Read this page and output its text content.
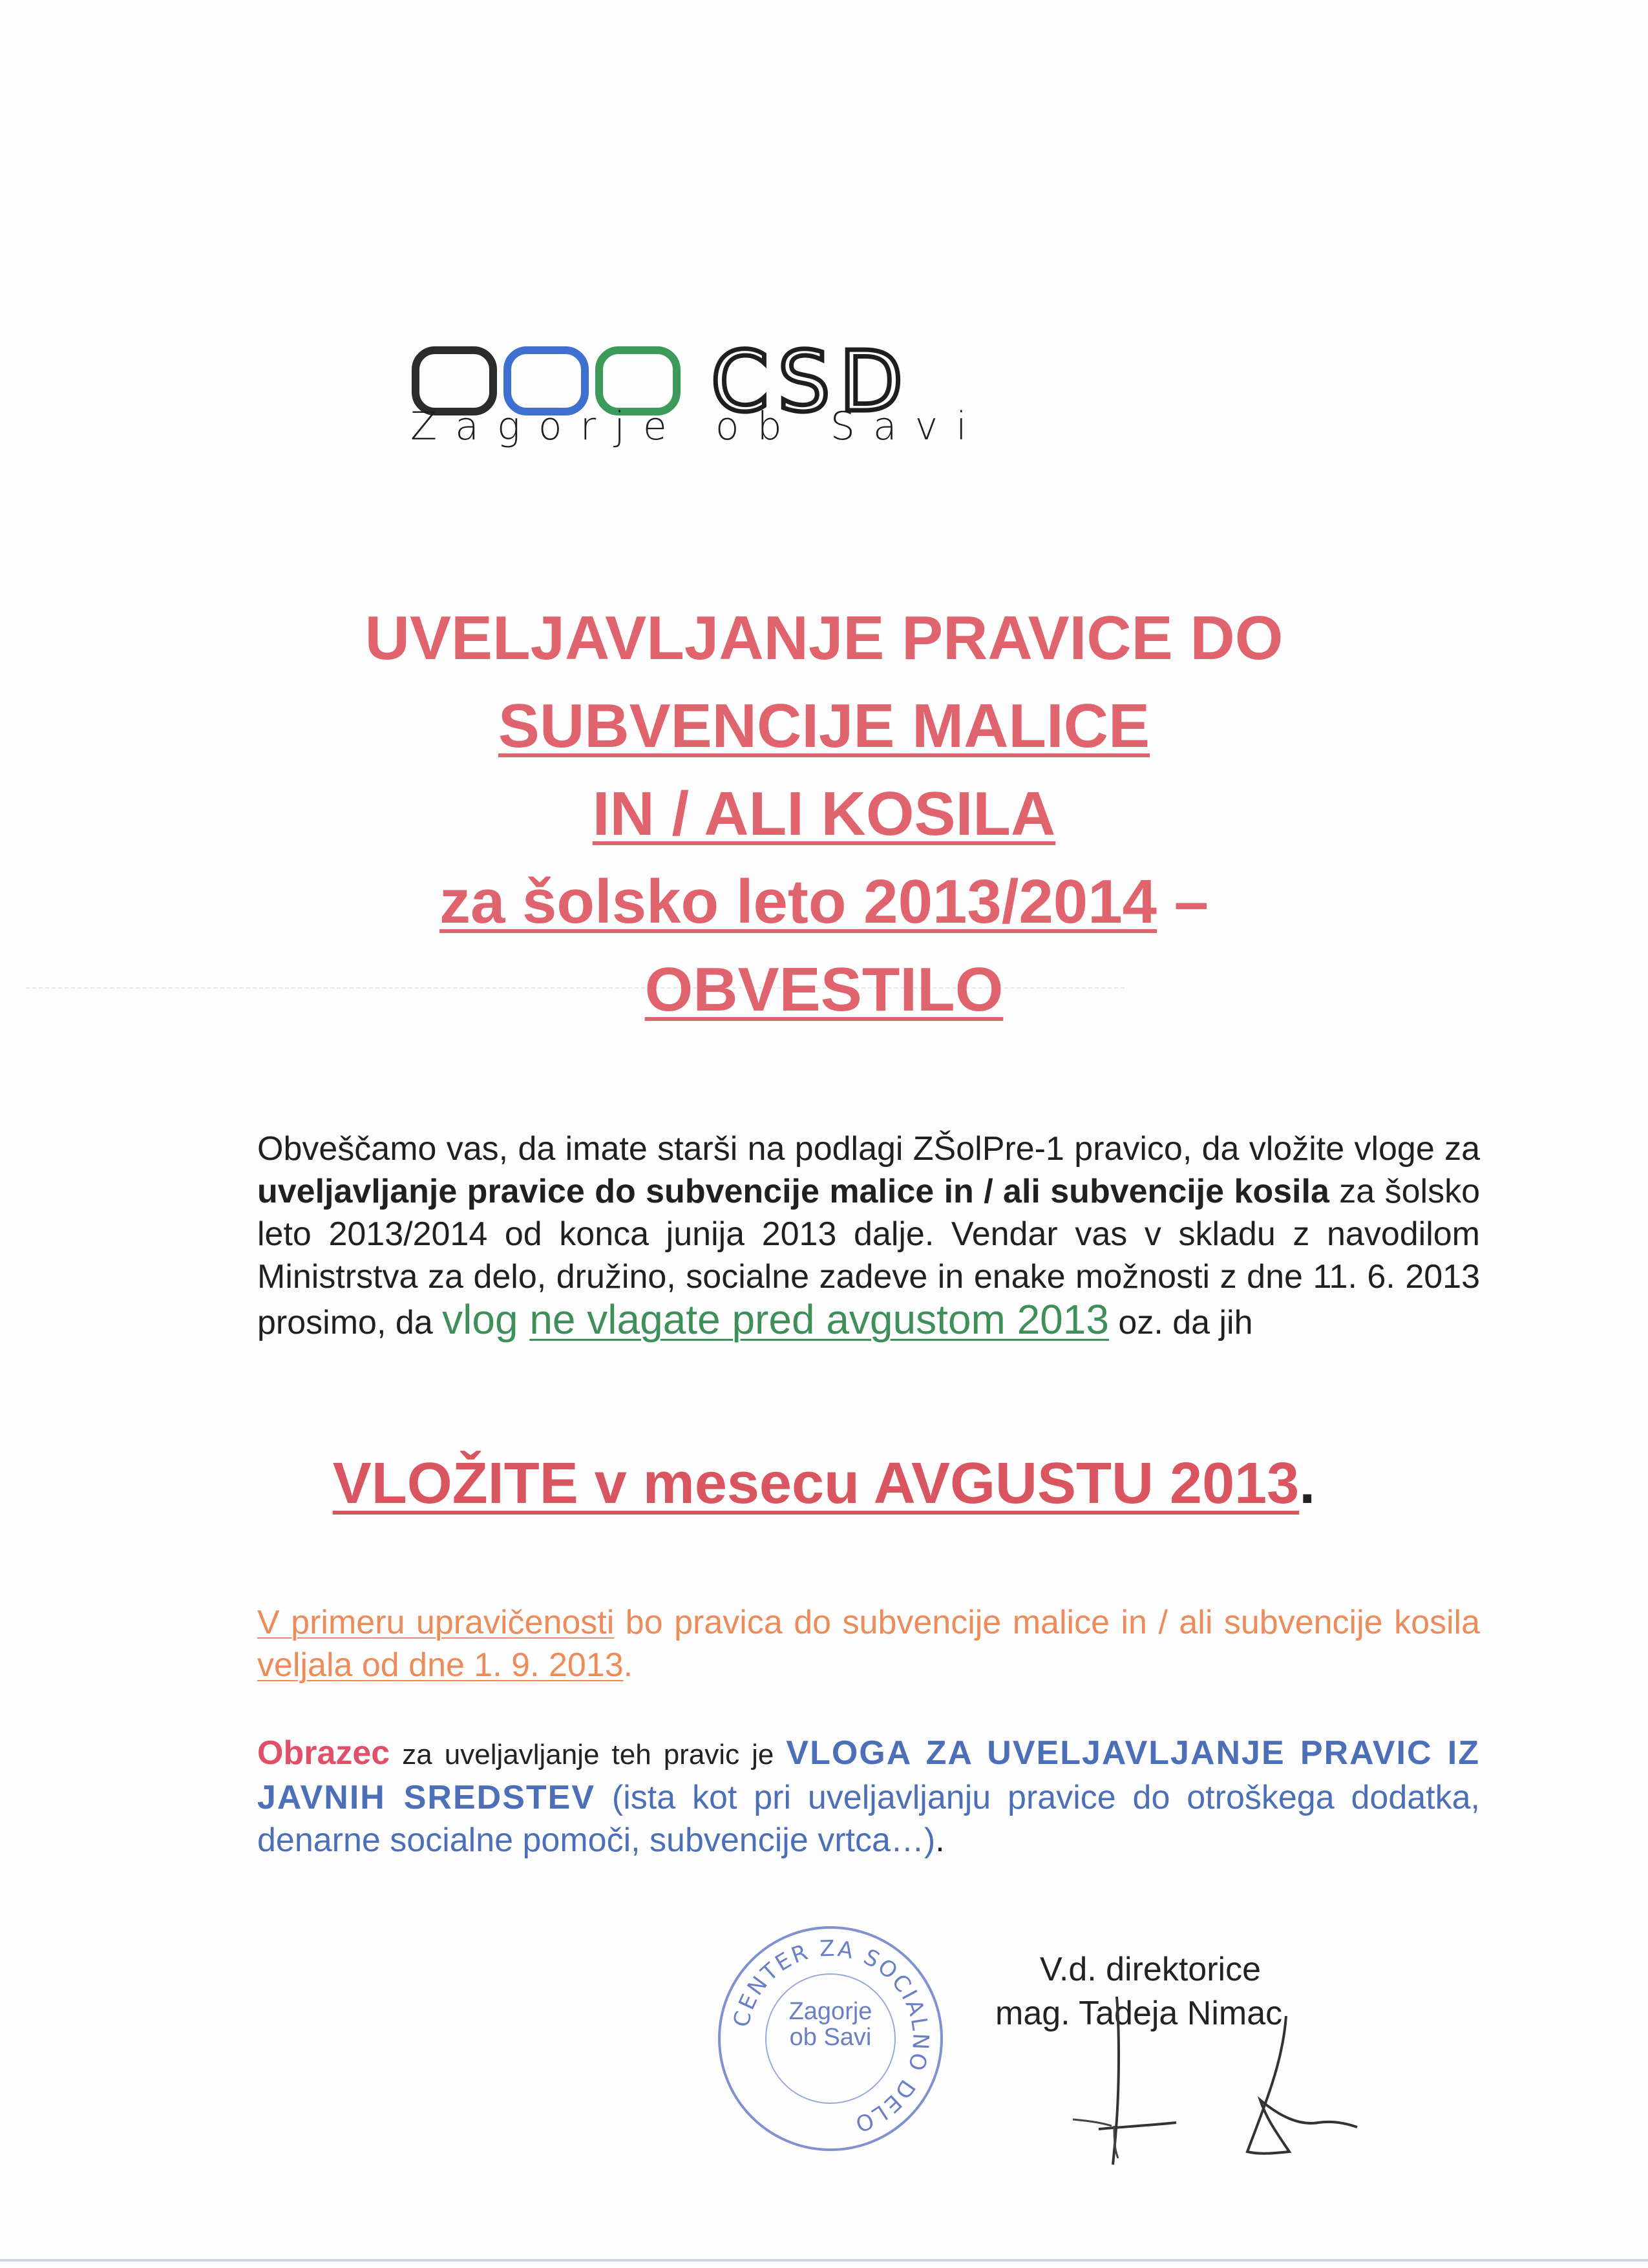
CSD
Zagorje ob Savi
UVELJAVLJANJE PRAVICE DO
SUBVENCIJE MALICE
IN / ALI KOSILA
za šolsko leto 2013/2014 –
OBVESTILO
Obveščamo vas, da imate starši na podlagi ZŠolPre-1 pravico, da vložite vloge za uveljavljanje pravice do subvencije malice in / ali subvencije kosila za šolsko leto 2013/2014 od konca junija 2013 dalje. Vendar vas v skladu z navodilom Ministrstva za delo, družino, socialne zadeve in enake možnosti z dne 11. 6. 2013 prosimo, da vlog ne vlagate pred avgustom 2013 oz. da jih
VLOŽITE v mesecu AVGUSTU 2013.
V primeru upravičenosti bo pravica do subvencije malice in / ali subvencije kosila veljala od dne 1. 9. 2013.
Obrazec za uveljavljanje teh pravic je VLOGA ZA UVELJAVLJANJE PRAVIC IZ JAVNIH SREDSTEV (ista kot pri uveljavljanju pravice do otroškega dodatka, denarne socialne pomoči, subvencije vrtca…).
CENTER ZA SOCIALNO DELO
Zagorje
ob Savi
V.d. direktorice
mag. Tadeja Nimac
